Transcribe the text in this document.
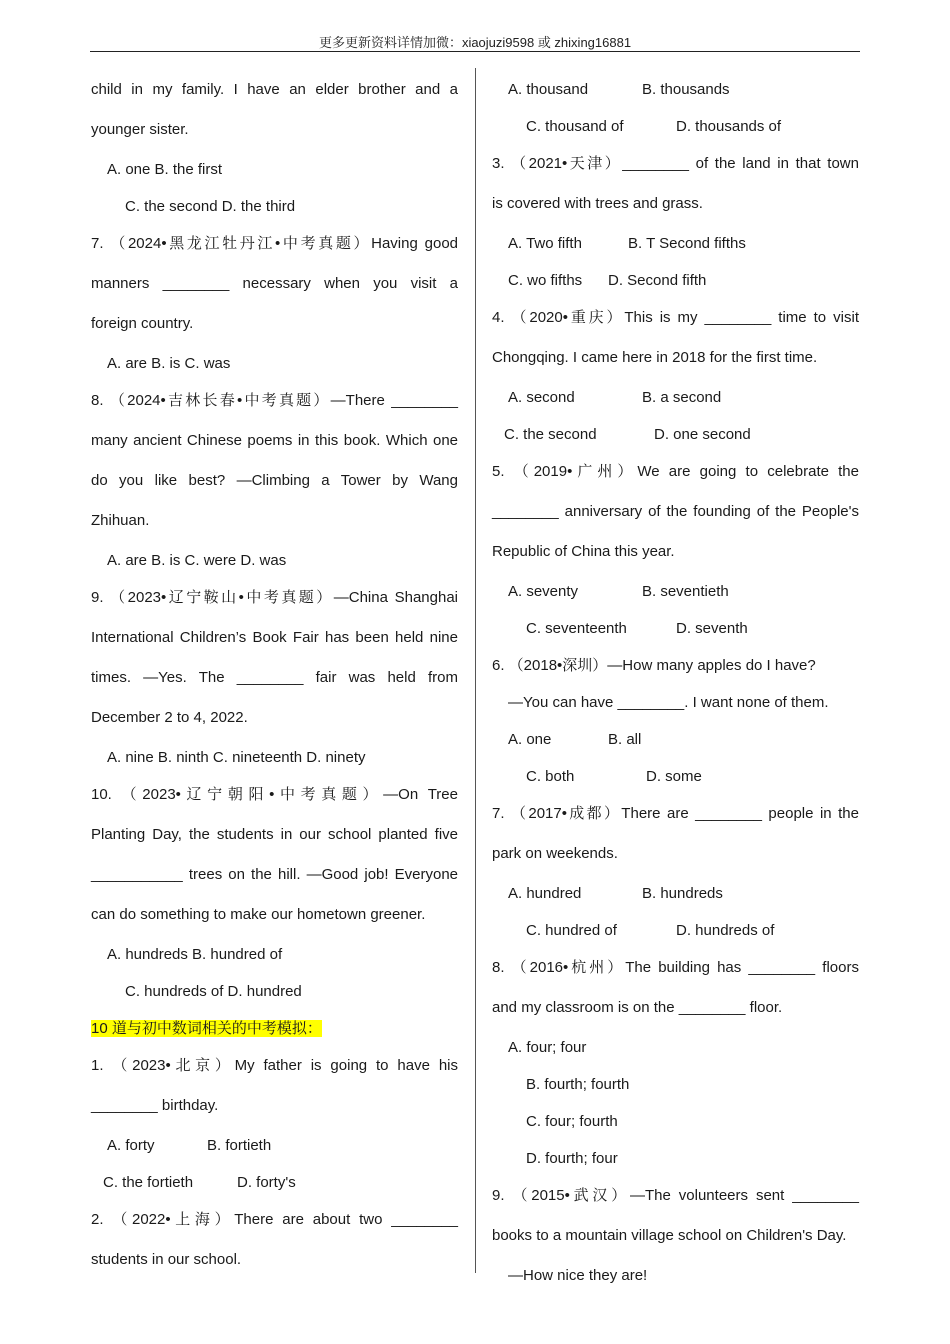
更多更新资料详情加微：xiaojuzi9598 或 zhixing16881
child in my family. I have an elder brother and a
younger sister.
A. one B. the first
C. the second D. the third
7. （2024•黑龙江牡丹江•中考真题）Having good
manners ________ necessary when you visit a
foreign country.
A. are B. is C. was
8. （2024•吉林长春•中考真题）—There ________
many ancient Chinese poems in this book. Which one
do you like best? —Climbing a Tower by Wang
Zhihuan.
A. are B. is C. were D. was
9. （2023•辽宁鞍山•中考真题）—China Shanghai
International Children’s Book Fair has been held nine
times. —Yes. The ________ fair was held from
December 2 to 4, 2022.
A. nine B. ninth C. nineteenth D. ninety
10. （2023•辽宁朝阳•中考真题）—On Tree
Planting Day, the students in our school planted five
___________ trees on the hill. —Good job! Everyone
can do something to make our hometown greener.
A. hundreds B. hundred of
C. hundreds of D. hundred
10 道与初中数词相关的中考模拟：
1. （2023•北京）My father is going to have his
________ birthday.
A. forty	B. fortieth
C. the fortieth	D. forty's
2. （2022•上海）There are about two ________
students in our school.
A. thousand	B. thousands
C. thousand of	D. thousands of
3. （2021•天津）________ of the land in that town
is covered with trees and grass.
A. Two fifth	B. T Second fifths
C. wo fifths D. Second fifth
4. （2020•重庆）This is my ________ time to visit
Chongqing. I came here in 2018 for the first time.
A. second	B. a second
C. the second	D. one second
5. （2019•广州）We are going to celebrate the
________ anniversary of the founding of the People's
Republic of China this year.
A. seventy	B. seventieth
C. seventeenth	D. seventh
6. （2018•深圳）—How many apples do I have?
—You can have ________. I want none of them.
A. one	B. all
C. both	D. some
7. （2017•成都）There are ________ people in the
park on weekends.
A. hundred	B. hundreds
C. hundred of	D. hundreds of
8. （2016•杭州）The building has ________ floors
and my classroom is on the ________ floor.
A. four; four
B. fourth; fourth
C. four; fourth
D. fourth; four
9. （2015•武汉）—The volunteers sent ________
books to a mountain village school on Children's Day.
—How nice they are!
